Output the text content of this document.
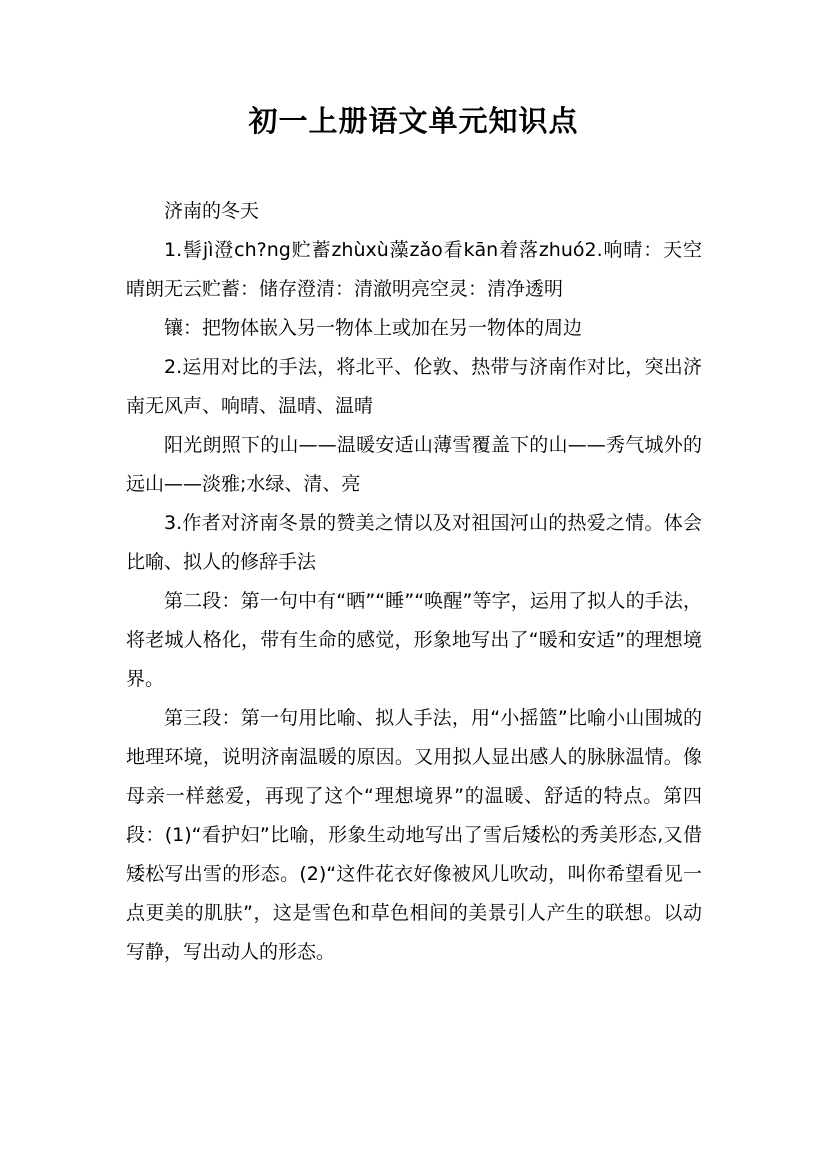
初一上册语文单元知识点

济南的冬天

1.髻jì澄ch?ng贮蓄zhùxù藻zǎo看kān着落zhuó2.响晴：天空晴朗无云贮蓄：储存澄清：清澈明亮空灵：清净透明

镶：把物体嵌入另一物体上或加在另一物体的周边

2.运用对比的手法，将北平、伦敦、热带与济南作对比，突出济南无风声、响晴、温晴、温晴

阳光朗照下的山——温暖安适山薄雪覆盖下的山——秀气城外的远山——淡雅;水绿、清、亮

3.作者对济南冬景的赞美之情以及对祖国河山的热爱之情。体会比喻、拟人的修辞手法

第二段：第一句中有“晒”“睡”“唤醒”等字，运用了拟人的手法，将老城人格化，带有生命的感觉，形象地写出了“暖和安适”的理想境界。

第三段：第一句用比喻、拟人手法，用“小摇篮”比喻小山围城的地理环境，说明济南温暖的原因。又用拟人显出感人的脉脉温情。像母亲一样慈爱，再现了这个“理想境界”的温暖、舒适的特点。第四段：(1)“看护妇”比喻，形象生动地写出了雪后矮松的秀美形态,又借矮松写出雪的形态。(2)“这件花衣好像被风儿吹动，叫你希望看见一点更美的肌肤”，这是雪色和草色相间的美景引人产生的联想。以动写静，写出动人的形态。
